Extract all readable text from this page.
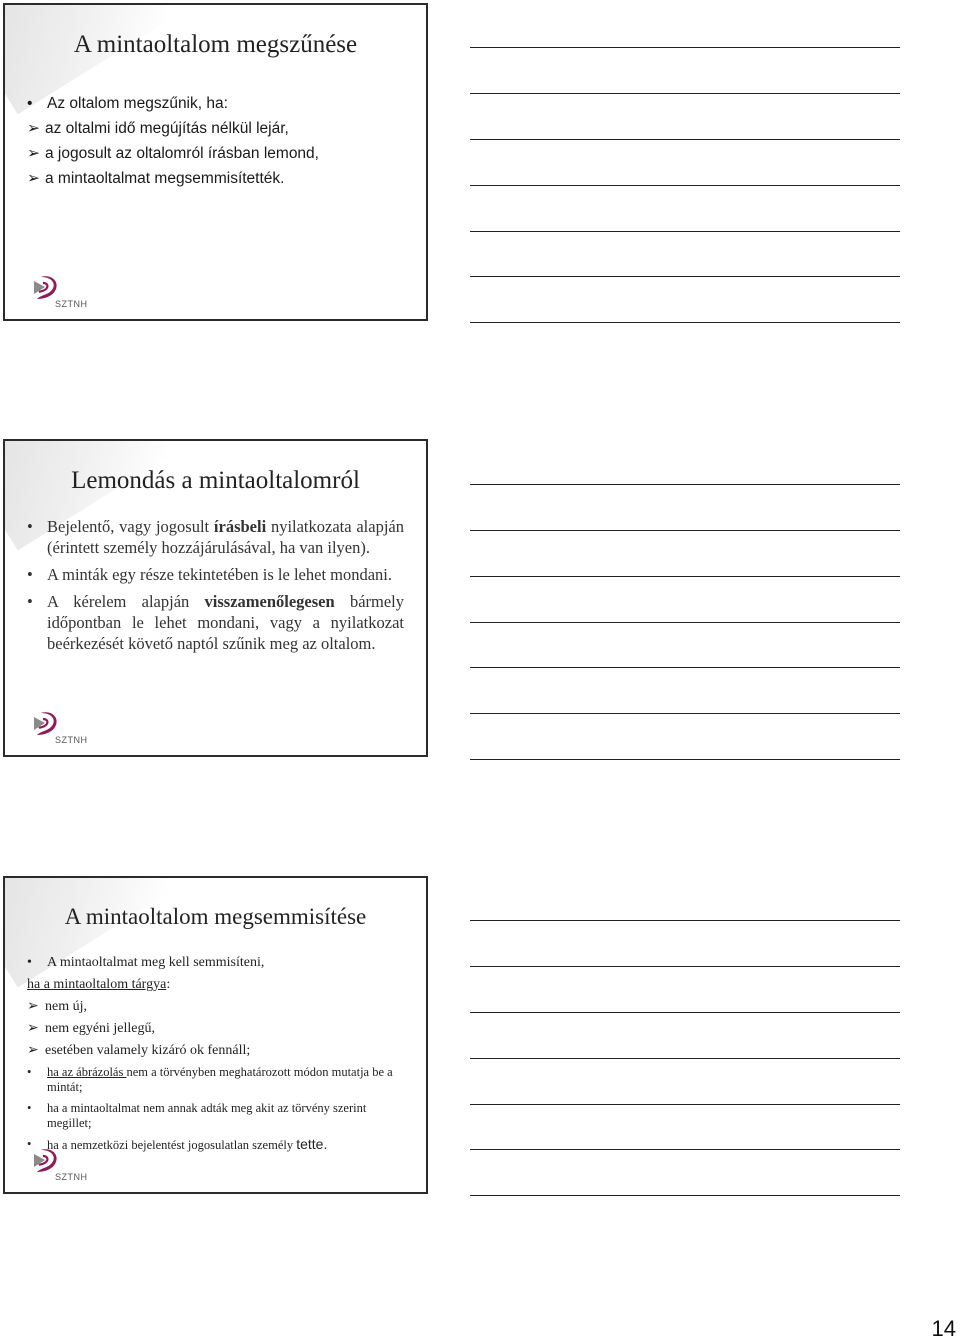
A mintaoltalom megszűnése
• Az oltalom megszűnik, ha:
➢ az oltalmi idő megújítás nélkül lejár,
➢ a jogosult az oltalomról írásban lemond,
➢ a mintaoltalmat megsemmisítették.
SZTNH
Lemondás a mintaoltalomról
• Bejelentő, vagy jogosult írásbeli nyilatkozata alapján (érintett személy hozzájárulásával, ha van ilyen).
• A minták egy része tekintetében is le lehet mondani.
• A kérelem alapján visszamenőlegesen bármely időpontban le lehet mondani, vagy a nyilatkozat beérkezését követő naptól szűnik meg az oltalom.
SZTNH
A mintaoltalom megsemmisítése
• A mintaoltalmat meg kell semmisíteni,
ha a mintaoltalom tárgya:
➢ nem új,
➢ nem egyéni jellegű,
➢ esetében valamely kizáró ok fennáll;
• ha az ábrázolás nem a törvényben meghatározott módon mutatja be a mintát;
• ha a mintaoltalmat nem annak adták meg akit az törvény szerint megillet;
• ha a nemzetközi bejelentést jogosulatlan személy tette.
SZTNH
14
